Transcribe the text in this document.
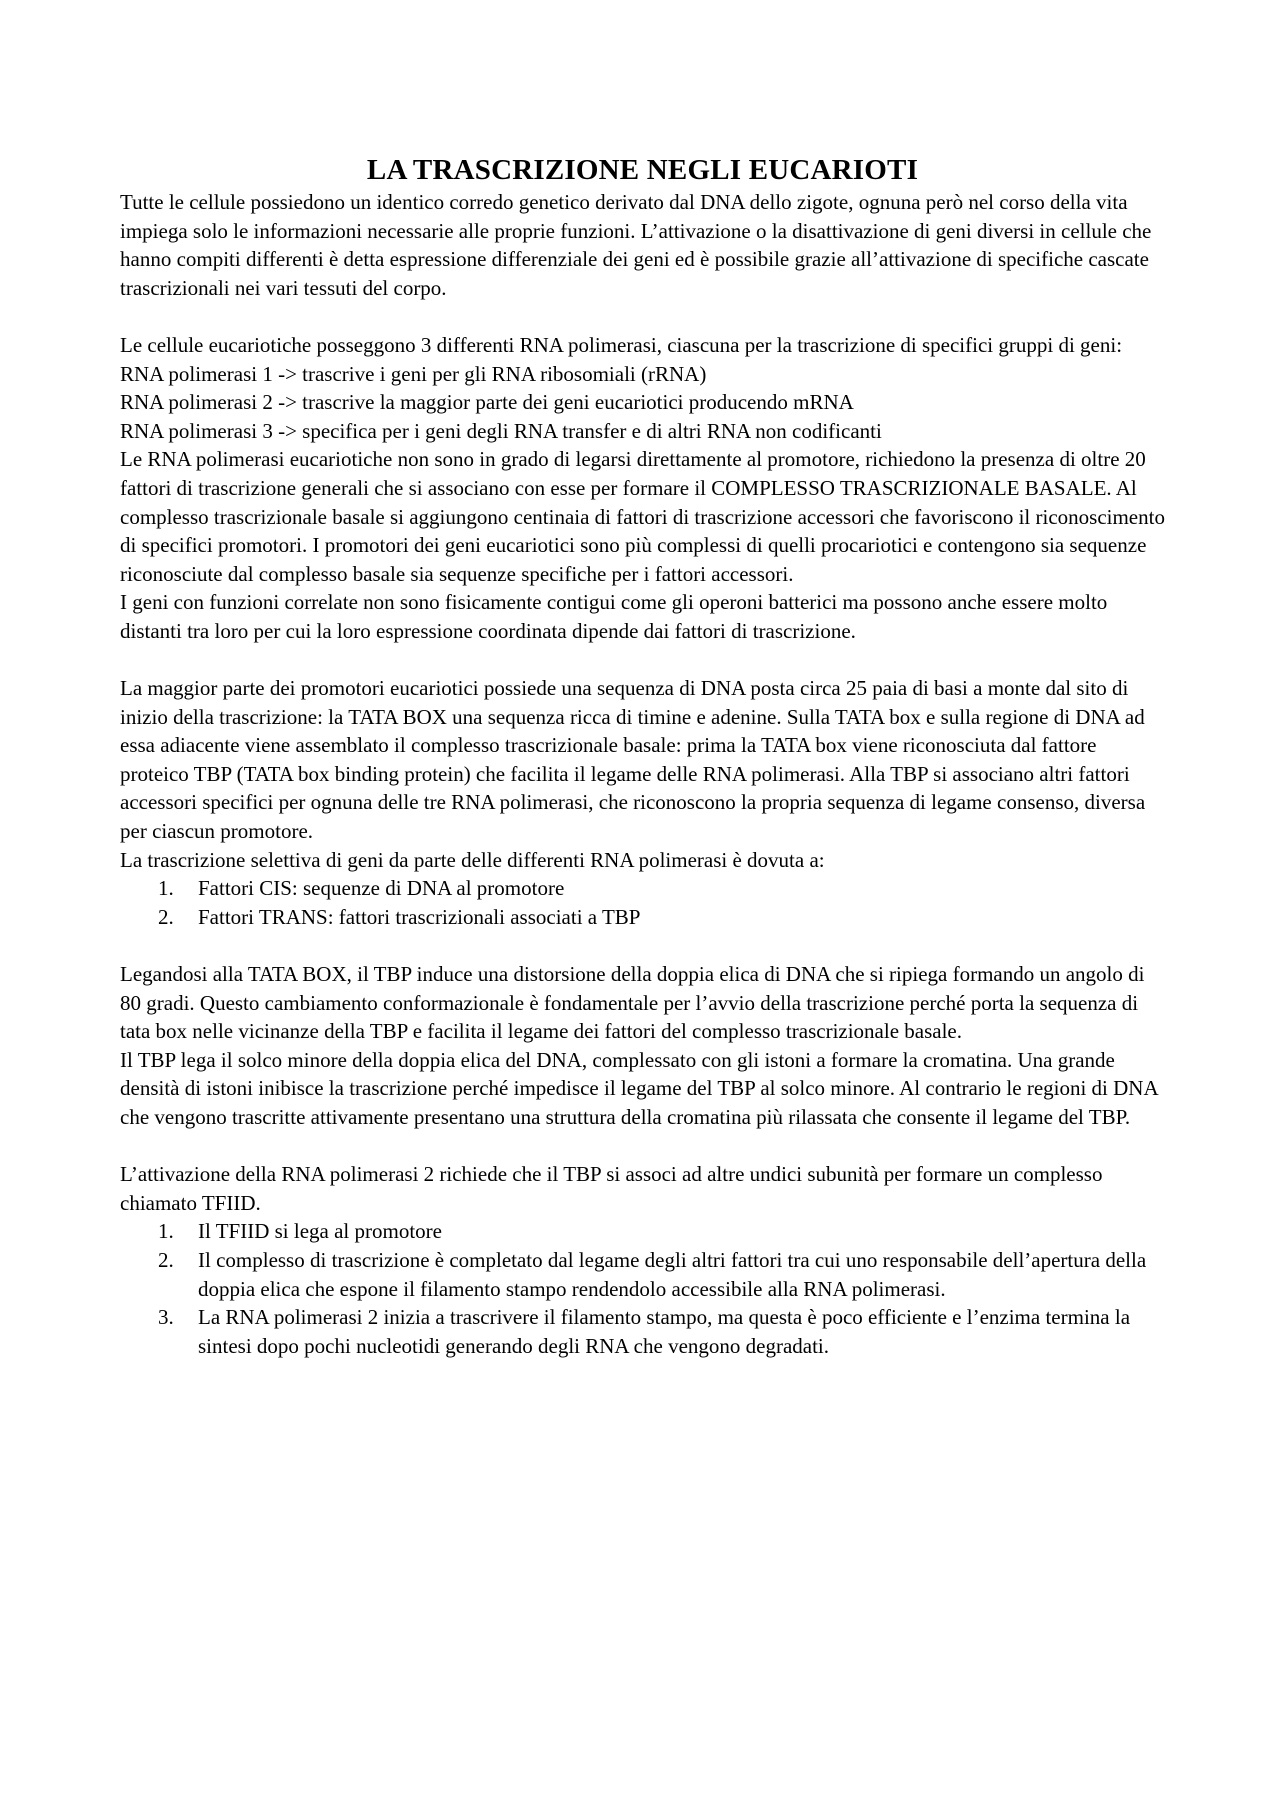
LA TRASCRIZIONE NEGLI EUCARIOTI

Tutte le cellule possiedono un identico corredo genetico derivato dal DNA dello zigote, ognuna però nel corso della vita impiega solo le informazioni necessarie alle proprie funzioni. L’attivazione o la disattivazione di geni diversi in cellule che hanno compiti differenti è detta espressione differenziale dei geni ed è possibile grazie all’attivazione di specifiche cascate trascrizionali nei vari tessuti del corpo.

Le cellule eucariotiche posseggono 3 differenti RNA polimerasi, ciascuna per la trascrizione di specifici gruppi di geni:

RNA polimerasi 1 -> trascrive i geni per gli RNA ribosomiali (rRNA)

RNA polimerasi 2 -> trascrive la maggior parte dei geni eucariotici producendo mRNA

RNA polimerasi 3 -> specifica per i geni degli RNA transfer e di altri RNA non codificanti

Le RNA polimerasi eucariotiche non sono in grado di legarsi direttamente al promotore, richiedono la presenza di oltre 20 fattori di trascrizione generali che si associano con esse per formare il COMPLESSO TRASCRIZIONALE BASALE. Al complesso trascrizionale basale si aggiungono centinaia di fattori di trascrizione accessori che favoriscono il riconoscimento di specifici promotori. I promotori dei geni eucariotici sono più complessi di quelli procariotici e contengono sia sequenze riconosciute dal complesso basale sia sequenze specifiche per i fattori accessori.

I geni con funzioni correlate non sono fisicamente contigui come gli operoni batterici ma possono anche essere molto distanti tra loro per cui la loro espressione coordinata dipende dai fattori di trascrizione.

La maggior parte dei promotori eucariotici possiede una sequenza di DNA posta circa 25 paia di basi a monte dal sito di inizio della trascrizione: la TATA BOX una sequenza ricca di timine e adenine. Sulla TATA box e sulla regione di DNA ad essa adiacente viene assemblato il complesso trascrizionale basale: prima la TATA box viene riconosciuta dal fattore proteico TBP (TATA box binding protein) che facilita il legame delle RNA polimerasi. Alla TBP si associano altri fattori accessori specifici per ognuna delle tre RNA polimerasi, che riconoscono la propria sequenza di legame consenso, diversa per ciascun promotore.

La trascrizione selettiva di geni da parte delle differenti RNA polimerasi è dovuta a:

1. Fattori CIS: sequenze di DNA al promotore
2. Fattori TRANS: fattori trascrizionali associati a TBP

Legandosi alla TATA BOX, il TBP induce una distorsione della doppia elica di DNA che si ripiega formando un angolo di 80 gradi. Questo cambiamento conformazionale è fondamentale per l’avvio della trascrizione perché porta la sequenza di tata box nelle vicinanze della TBP e facilita il legame dei fattori del complesso trascrizionale basale.

Il TBP lega il solco minore della doppia elica del DNA, complessato con gli istoni a formare la cromatina. Una grande densità di istoni inibisce la trascrizione perché impedisce il legame del TBP al solco minore. Al contrario le regioni di DNA che vengono trascritte attivamente presentano una struttura della cromatina più rilassata che consente il legame del TBP.

L’attivazione della RNA polimerasi 2 richiede che il TBP si associ ad altre undici subunità per formare un complesso chiamato TFIID.

1. Il TFIID si lega al promotore
2. Il complesso di trascrizione è completato dal legame degli altri fattori tra cui uno responsabile dell’apertura della doppia elica che espone il filamento stampo rendendolo accessibile alla RNA polimerasi.
3. La RNA polimerasi 2 inizia a trascrivere il filamento stampo, ma questa è poco efficiente e l’enzima termina la sintesi dopo pochi nucleotidi generando degli RNA che vengono degradati.
